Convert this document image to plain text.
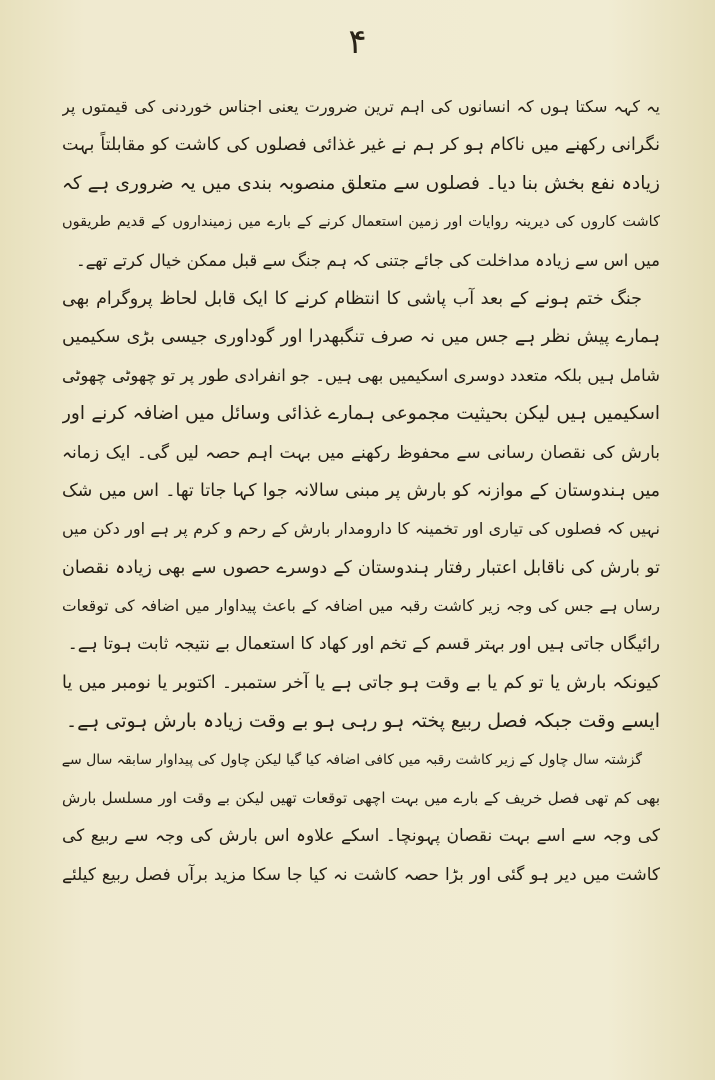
۴
یہ کہہ سکتا ہوں کہ انسانوں کی اہم ترین ضرورت یعنی اجناس خوردنی کی قیمتوں پر
نگرانی رکھنے میں ناکام ہو کر ہم نے غیر غذائی فصلوں کی کاشت کو مقابلتاً بہت
زیادہ نفع بخش بنا دیا۔ فصلوں سے متعلق منصوبہ بندی میں یہ ضروری ہے کہ
کاشت کاروں کی دیرینہ روایات اور زمین استعمال کرنے کے بارے میں زمینداروں کے قدیم طریقوں
میں اس سے زیادہ مداخلت کی جائے جتنی کہ ہم جنگ سے قبل ممکن خیال کرتے تھے۔
جنگ ختم ہونے کے بعد آب پاشی کا انتظام کرنے کا ایک قابل لحاظ پروگرام بھی
ہمارے پیش نظر ہے جس میں نہ صرف تنگبھدرا اور گوداوری جیسی بڑی سکیمیں
شامل ہیں بلکہ متعدد دوسری اسکیمیں بھی ہیں۔ جو انفرادی طور پر تو چھوٹی چھوٹی
اسکیمیں ہیں لیکن بحیثیت مجموعی ہمارے غذائی وسائل میں اضافہ کرنے اور
بارش کی نقصان رسانی سے محفوظ رکھنے میں بہت اہم حصہ لیں گی۔ ایک زمانہ
میں ہندوستان کے موازنہ کو بارش پر مبنی سالانہ جوا کہا جاتا تھا۔ اس میں شک
نہیں کہ فصلوں کی تیاری اور تخمینہ کا دارومدار بارش کے رحم و کرم پر ہے اور دکن میں
تو بارش کی ناقابل اعتبار رفتار ہندوستان کے دوسرے حصوں سے بھی زیادہ نقصان
رساں ہے جس کی وجہ زیر کاشت رقبہ میں اضافہ کے باعث پیداوار میں اضافہ کی توقعات
رائیگاں جاتی ہیں اور بہتر قسم کے تخم اور کھاد کا استعمال بے نتیجہ ثابت ہوتا ہے۔
کیونکہ بارش یا تو کم یا بے وقت ہو جاتی ہے یا آخر ستمبر۔ اکتوبر یا نومبر میں یا
ایسے وقت جبکہ فصل ربیع پختہ ہو رہی ہو بے وقت زیادہ بارش ہوتی ہے۔
گزشتہ سال چاول کے زیر کاشت رقبہ میں کافی اضافہ کیا گیا لیکن چاول کی پیداوار سابقہ سال سے
بھی کم تھی فصل خریف کے بارے میں بہت اچھی توقعات تھیں لیکن بے وقت اور مسلسل بارش
کی وجہ سے اسے بہت نقصان پہونچا۔ اسکے علاوہ اس بارش کی وجہ سے ربیع کی
کاشت میں دیر ہو گئی اور بڑا حصہ کاشت نہ کیا جا سکا مزید برآں فصل ربیع کیلئے
